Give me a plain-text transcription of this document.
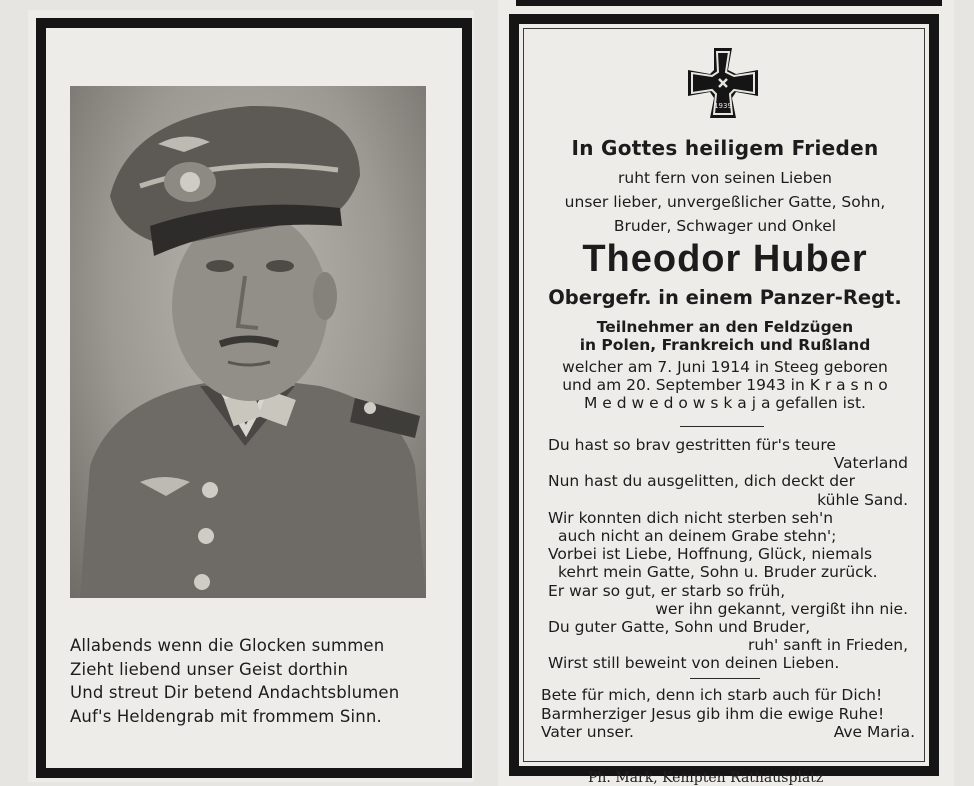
Allabends wenn die Glocken summen
Zieht liebend unser Geist dorthin
Und streut Dir betend Andachtsblumen
Auf's Heldengrab mit frommem Sinn.
1939
In Gottes heiligem Frieden
ruht fern von seinen Lieben
unser lieber, unvergeßlicher Gatte, Sohn,
Bruder, Schwager und Onkel
Theodor Huber
Obergefr. in einem Panzer-Regt.
Teilnehmer an den Feldzügen
in Polen, Frankreich und Rußland
welcher am 7. Juni 1914 in Steeg geboren
und am 20. September 1943 in K r a s n o
M e d w e d o w s k a j a gefallen ist.
Du hast so brav gestritten für's teure
Vaterland
Nun hast du ausgelitten, dich deckt der
kühle Sand.
Wir konnten dich nicht sterben seh'n
auch nicht an deinem Grabe stehn';
Vorbei ist Liebe, Hoffnung, Glück, niemals
kehrt mein Gatte, Sohn u. Bruder zurück.
Er war so gut, er starb so früh,
wer ihn gekannt, vergißt ihn nie.
Du guter Gatte, Sohn und Bruder,
ruh' sanft in Frieden,
Wirst still beweint von deinen Lieben.
Bete für mich, denn ich starb auch für Dich!
Barmherziger Jesus gib ihm die ewige Ruhe!
Vater unser.	Ave Maria.
Ph. Mark, Kempten Rathausplatz
